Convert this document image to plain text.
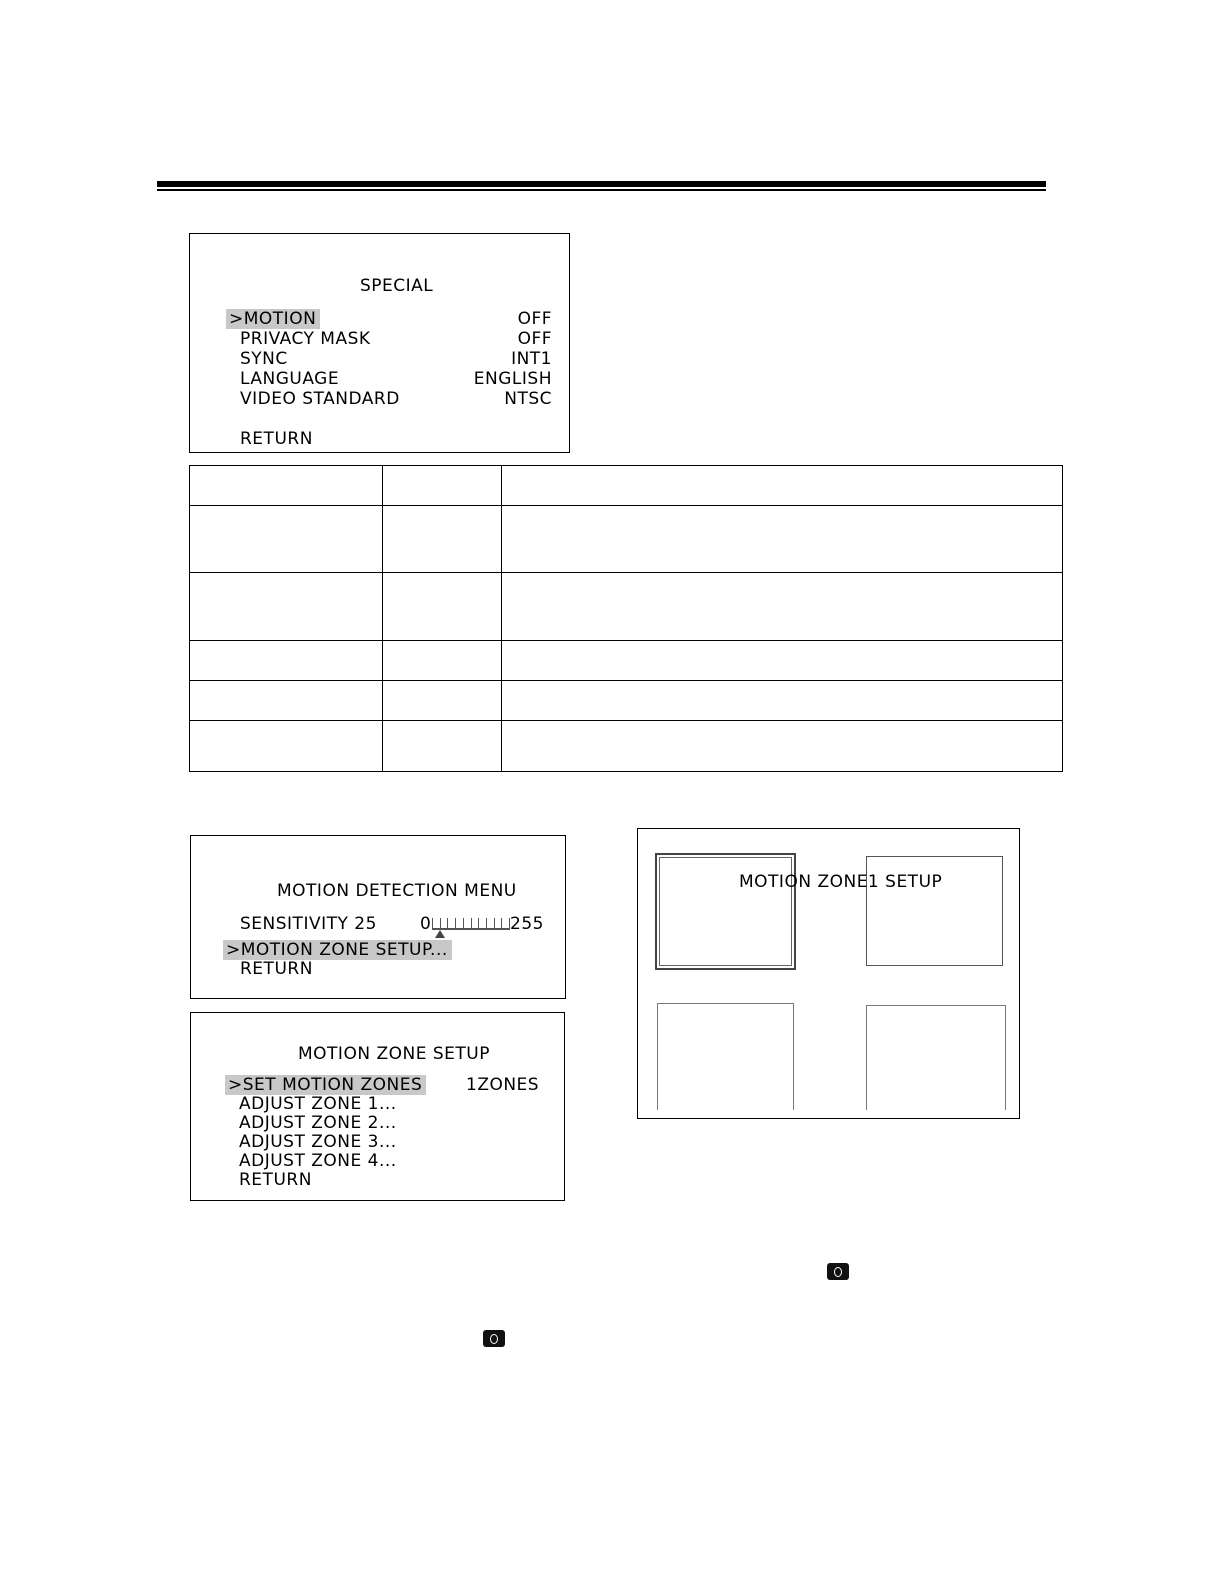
SPECIAL
>MOTION	OFF
PRIVACY MASK	OFF
SYNC	INT1
LANGUAGE	ENGLISH
VIDEO STANDARD	NTSC
RETURN

MOTION DETECTION MENU
SENSITIVITY 25	0	255
>MOTION ZONE SETUP...
RETURN
MOTION ZONE SETUP
>SET MOTION ZONES	1ZONES
ADJUST ZONE 1...
ADJUST ZONE 2...
ADJUST ZONE 3...
ADJUST ZONE 4...
RETURN
MOTION ZONE1 SETUP
